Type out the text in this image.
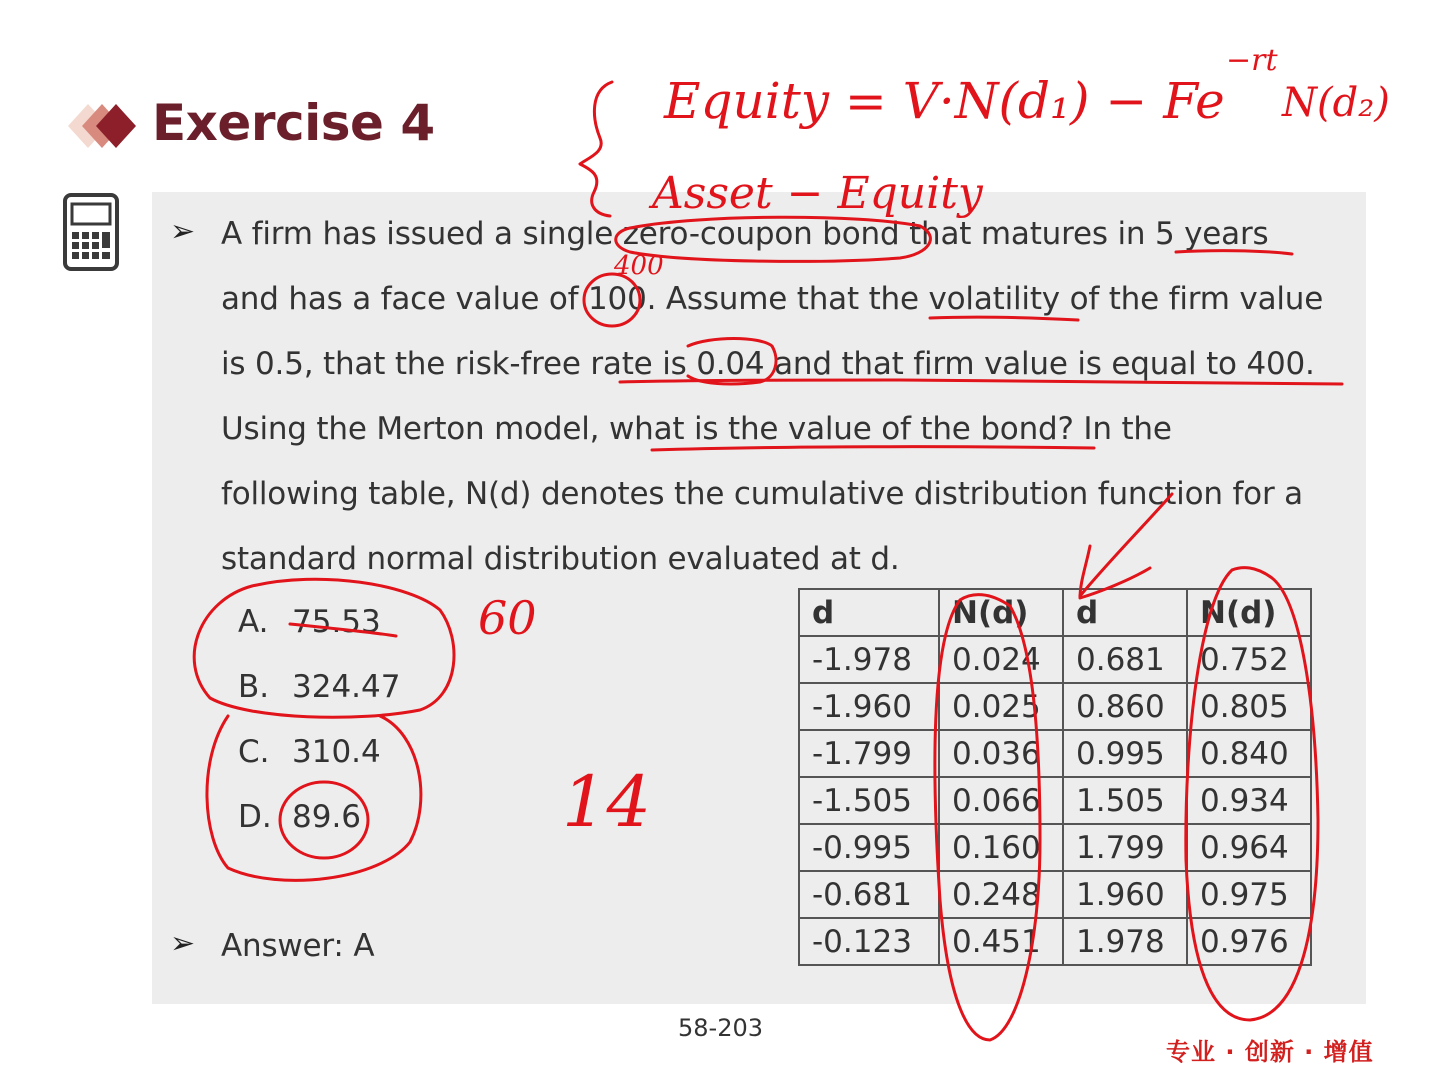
Exercise 4
➢ A firm has issued a single zero-coupon bond that matures in 5 years
and has a face value of 100. Assume that the volatility of the firm value
is 0.5, that the risk-free rate is 0.04 and that firm value is equal to 400.
Using the Merton model, what is the value of the bond? In the
following table, N(d) denotes the cumulative distribution function for a
standard normal distribution evaluated at d.
A. 75.53
B. 324.47
C. 310.4
D. 89.6
➢ Answer: A
d	N(d)	d	N(d)
-1.978	0.024	0.681	0.752
-1.960	0.025	0.860	0.805
-1.799	0.036	0.995	0.840
-1.505	0.066	1.505	0.934
-0.995	0.160	1.799	0.964
-0.681	0.248	1.960	0.975
-0.123	0.451	1.978	0.976
58-203
专业 · 创新 · 增值
Equity = V·N(d₁) − Fe
−rt
N(d₂)
Asset − Equity
400
60
14
